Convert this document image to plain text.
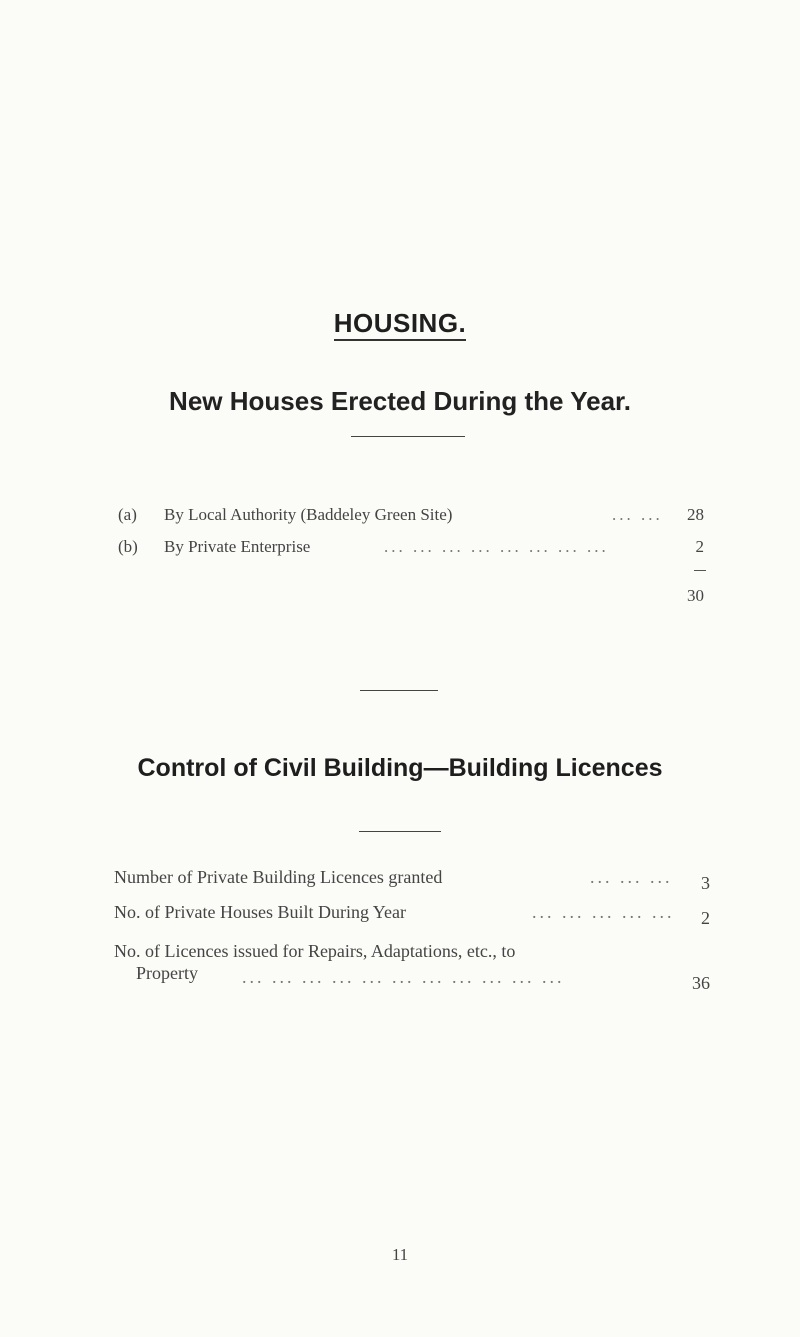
HOUSING.
New Houses Erected During the Year.
(a) By Local Authority (Baddeley Green Site)	... ... 28
(b) By Private Enterprise	... ... ... ... ... ... ... ...	2
30
Control of Civil Building—Building Licences
Number of Private Building Licences granted	... ... ... 3
No. of Private Houses Built During Year	... ... ... ... ... 2
No. of Licences issued for Repairs, Adaptations, etc., to
Property ... ... ... ... ... ... ... ... ... ... ...	36
11
